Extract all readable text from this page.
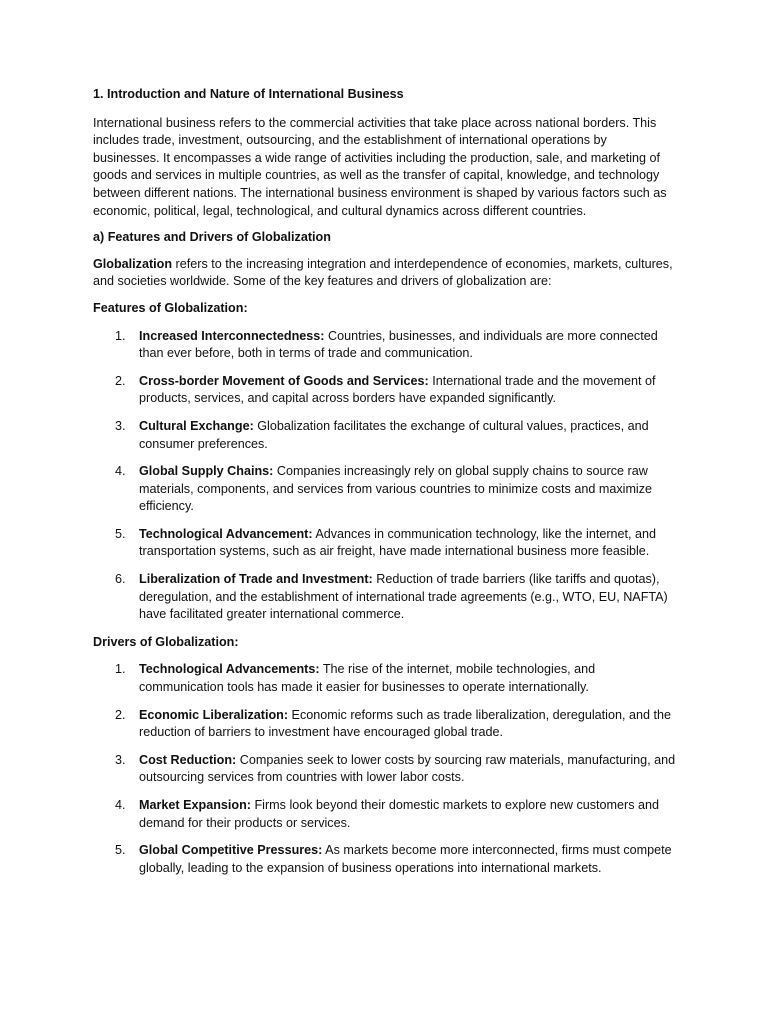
1. Introduction and Nature of International Business

International business refers to the commercial activities that take place across national borders. This includes trade, investment, outsourcing, and the establishment of international operations by businesses. It encompasses a wide range of activities including the production, sale, and marketing of goods and services in multiple countries, as well as the transfer of capital, knowledge, and technology between different nations. The international business environment is shaped by various factors such as economic, political, legal, technological, and cultural dynamics across different countries.

a) Features and Drivers of Globalization

Globalization refers to the increasing integration and interdependence of economies, markets, cultures, and societies worldwide. Some of the key features and drivers of globalization are:

Features of Globalization:
1. Increased Interconnectedness: Countries, businesses, and individuals are more connected than ever before, both in terms of trade and communication.
2. Cross-border Movement of Goods and Services: International trade and the movement of products, services, and capital across borders have expanded significantly.
3. Cultural Exchange: Globalization facilitates the exchange of cultural values, practices, and consumer preferences.
4. Global Supply Chains: Companies increasingly rely on global supply chains to source raw materials, components, and services from various countries to minimize costs and maximize efficiency.
5. Technological Advancement: Advances in communication technology, like the internet, and transportation systems, such as air freight, have made international business more feasible.
6. Liberalization of Trade and Investment: Reduction of trade barriers (like tariffs and quotas), deregulation, and the establishment of international trade agreements (e.g., WTO, EU, NAFTA) have facilitated greater international commerce.
Drivers of Globalization:
1. Technological Advancements: The rise of the internet, mobile technologies, and communication tools has made it easier for businesses to operate internationally.
2. Economic Liberalization: Economic reforms such as trade liberalization, deregulation, and the reduction of barriers to investment have encouraged global trade.
3. Cost Reduction: Companies seek to lower costs by sourcing raw materials, manufacturing, and outsourcing services from countries with lower labor costs.
4. Market Expansion: Firms look beyond their domestic markets to explore new customers and demand for their products or services.
5. Global Competitive Pressures: As markets become more interconnected, firms must compete globally, leading to the expansion of business operations into international markets.
